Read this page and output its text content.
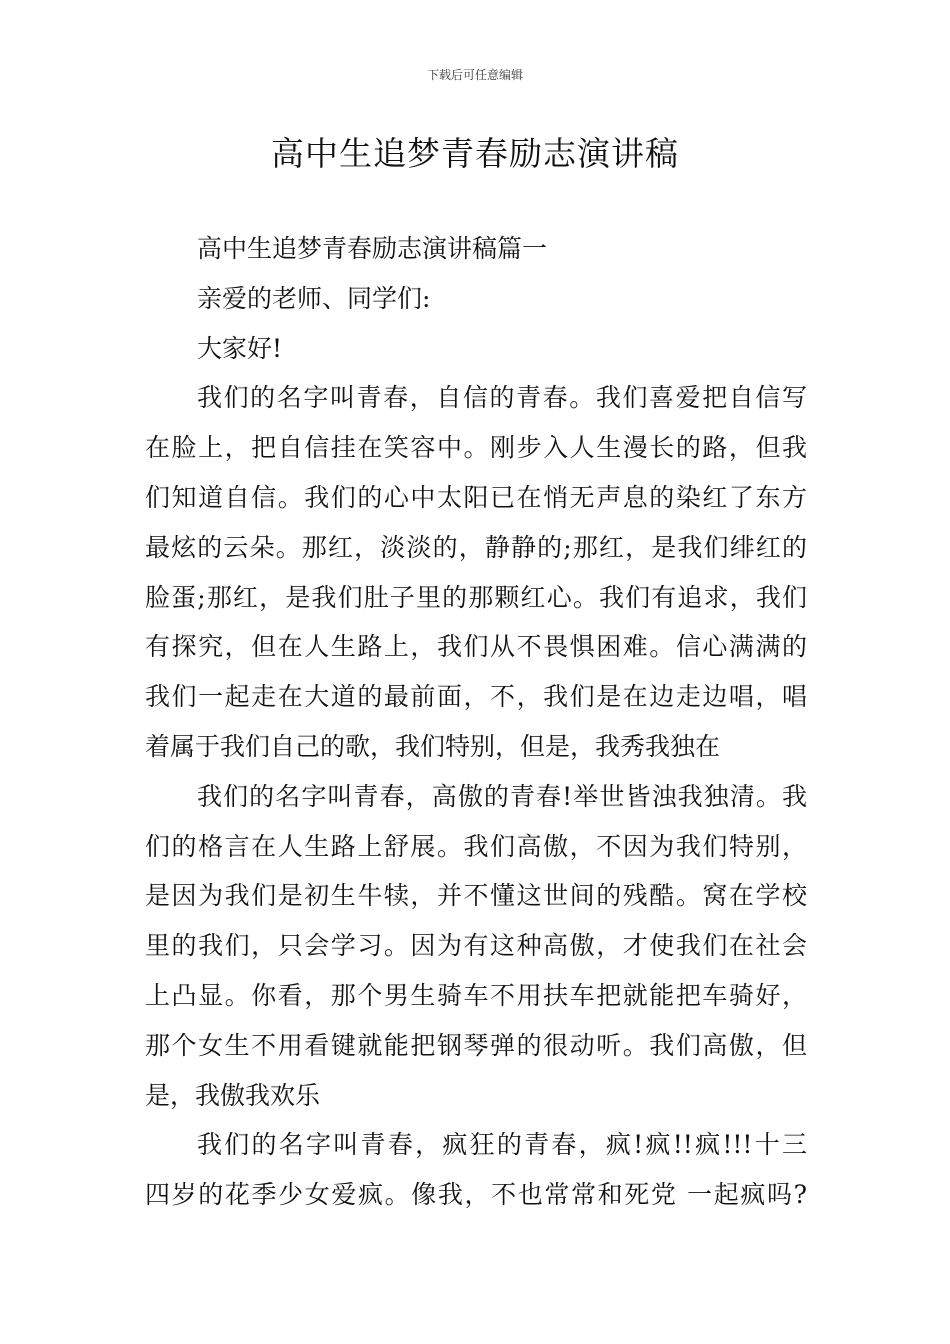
下载后可任意编辑
高中生追梦青春励志演讲稿
高中生追梦青春励志演讲稿篇一
亲爱的老师、同学们:
大家好!
我们的名字叫青春，自信的青春。我们喜爱把自信写
在脸上，把自信挂在笑容中。刚步入人生漫长的路，但我
们知道自信。我们的心中太阳已在悄无声息的染红了东方
最炫的云朵。那红，淡淡的，静静的;那红，是我们绯红的
脸蛋;那红，是我们肚子里的那颗红心。我们有追求，我们
有探究，但在人生路上，我们从不畏惧困难。信心满满的
我们一起走在大道的最前面，不，我们是在边走边唱，唱
着属于我们自己的歌，我们特别，但是，我秀我独在
我们的名字叫青春，高傲的青春!举世皆浊我独清。我
们的格言在人生路上舒展。我们高傲，不因为我们特别，
是因为我们是初生牛犊，并不懂这世间的残酷。窝在学校
里的我们，只会学习。因为有这种高傲，才使我们在社会
上凸显。你看，那个男生骑车不用扶车把就能把车骑好，
那个女生不用看键就能把钢琴弹的很动听。我们高傲，但
是，我傲我欢乐
我们的名字叫青春，疯狂的青春，疯!疯!!疯!!!十三
四岁的花季少女爱疯。像我，不也常常和死党 一起疯吗?
